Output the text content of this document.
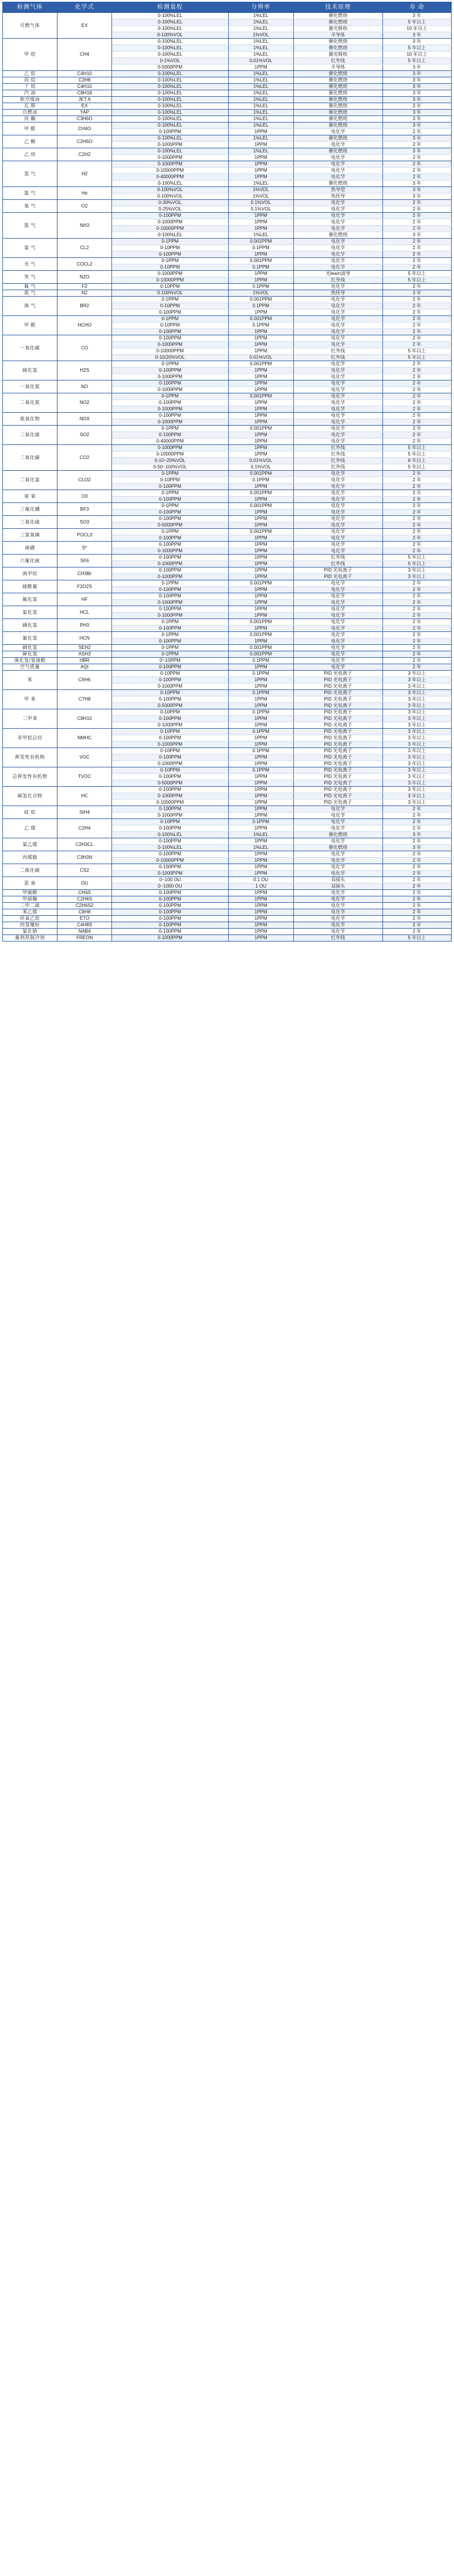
检测气体	化学式	检测量程	分辨率	技术原理	寿 命
可燃气体	EX	0-100%LEL	1%LEL	催化燃烧	3 年
		0-100%LEL	1%LEL	催化燃烧	5 年以上
		0-100%LEL	1%LEL	激光吸收	10 年以上
		0-100%VOL	1%VOL	半导体	3 年
甲 烷	CH4	0-100%LEL	1%LEL	催化燃烧	3 年
		0-100%LEL	1%LEL	催化燃烧	5 年以上
		0-100%LEL	1%LEL	激光吸收	10 年以上
		0-1%VOL	0.01%VOL	红外线	5 年以上
		0-5000PPM	1PPM	半导体	3 年
乙 烷	C4H10	0-100%LEL	1%LEL	催化燃烧	3 年
丙 烷	C3H8	0-100%LEL	1%LEL	催化燃烧	3 年
丁 烷	C4H10	0-100%LEL	1%LEL	催化燃烧	3 年
汽 油	C8H18	0-100%LEL	1%LEL	催化燃烧	3 年
航空煤油	JET A	0-100%LEL	1%LEL	催化燃烧	3 年
瓦 斯	EX	0-100%LEL	1%LEL	催化燃烧	3 年
自燃油	YAP	0-100%LEL	1%LEL	催化燃烧	3 年
丙 酮	C3H6O	0-100%LEL	1%LEL	催化燃烧	3 年
甲 醛	CH4O	0-100%LEL	1%LEL	催化燃烧	3 年
		0-100PPM	1PPM	电化学	2 年
乙 醇	C2H6O	0-100%LEL	1%LEL	催化燃烧	3 年
		0-1000PPM	1PPM	电化学	2 年
乙 炔	C2H2	0-100%LEL	1%LEL	催化燃烧	3 年
		0-1000PPM	1PPM	电化学	2 年
氢 气	H2	0-1000PPM	1PPM	电化学	2 年
		0-10000PPM	1PPM	电化学	2 年
		0-40000PPM	1PPM	电化学	2 年
		0-100%LEL	1%LEL	催化燃烧	3 年
氦 气	He	0-100%VOL	1%VOL	热导型	3 年
		0-100%VOL	1%VOL	热传导	3 年
氧 气	O2	0-30%VOL	0.1%VOL	电化学	2 年
		0-25%VOL	0.1%VOL	电化学	2 年
氨 气	NH3	0-100PPM	1PPM	电化学	2 年
		0-1000PPM	1PPM	电化学	2 年
		0-10000PPM	1PPM	电化学	2 年
		0-100%LEL	1%LEL	催化燃烧	3 年
氯 气	CL2	0-1PPM	0.001PPM	电化学	2 年
		0-10PPM	0.1PPM	电化学	2 年
		0-100PPM	1PPM	电化学	2 年
光 气	COCL2	0-1PPM	0.001PPM	电化学	2 年
		0-10PPM	0.1PPM	电化学	2 年
笑 气	N2O	0-1000PPM	1PPM	光learn波导	5 年以上
		0-10000PPM	1PPM	红外线	5 年以上
氟 气	F2	0-10PPM	0.1PPM	电化学	2 年
氮 气	N2	0-100%VOL	1%VOL	热传导	3 年
溴 气	BR2	0-1PPM	0.001PPM	电化学	2 年
		0-10PPM	0.1PPM	电化学	2 年
		0-100PPM	1PPM	电化学	2 年
甲 醛	HCHO	0-1PPM	0.001PPM	电化学	2 年
		0-10PPM	0.1PPM	电化学	2 年
		0-100PPM	1PPM	电化学	2 年
一氧化碳	CO	0-100PPM	1PPM	电化学	2 年
		0-1000PPM	1PPM	电化学	2 年
		0-10000PPM	1PPM	红外线	5 年以上
		0-10/20%VOL	0.01%VOL	红外线	5 年以上
硫化氢	H2S	0-1PPM	0.001PPM	电化学	2 年
		0-100PPM	1PPM	电化学	2 年
		0-1000PPM	1PPM	电化学	2 年
一氧化氮	NO	0-100PPM	1PPM	电化学	2 年
		0-1000PPM	1PPM	电化学	2 年
二氧化氮	NO2	0-1PPM	0.001PPM	电化学	2 年
		0-100PPM	1PPM	电化学	2 年
		0-1000PPM	1PPM	电化学	2 年
氮氧化物	NOX	0-100PPM	1PPM	电化学	2 年
		0-1000PPM	1PPM	电化学	2 年
二氧化硫	SO2	0-1PPM	0.001PPM	电化学	2 年
		0-100PPM	1PPM	电化学	2 年
		0-40000PPM	1PPM	电化学	2 年
二氧化碳	CO2	0-1000PPM	1PPM	红外线	5 年以上
		0-10000PPM	1PPM	红外线	5 年以上
		0-10~20%VOL	0.01%VOL	红外线	6 年以上
		0-50~100%VOL	0.1%VOL	红外线	5 年以上
二氧化氯	CLO2	0-1PPM	0.001PPM	电化学	2 年
		0-10PPM	0.1PPM	电化学	2 年
		0-100PPM	1PPM	电化学	2 年
臭 氧	O3	0-1PPM	0.001PPM	电化学	2 年
		0-100PPM	1PPM	电化学	2 年
三氟化硼	BF3	0-1PPM	0.001PPM	电化学	2 年
		0-100PPM	1PPM	电化学	2 年
三氧化硫	SO3	0-100PPM	1PPM	电化学	2 年
		0-5000PPM	1PPM	电化学	2 年
三氯氧磷	POCL3	0-1PPM	0.001PPM	电化学	2 年
		0-100PPM	1PPM	电化学	2 年
硫磺	S*	0-100PPM	1PPM	电化学	2 年
		0-1000PPM	1PPM	电化学	2 年
六氟化硫	SF6	0-100PPM	1PPM	红外线	5 年以上
		0-1000PPM	1PPM	红外线	5 年以上
溴甲烷	CH3Br	0-100PPM	1PPM	PID 光电离子	3 年以上
		0-1000PPM	1PPM	PID 光电离子	3 年以上
硫酰氟	F2O2S	0-1PPM	0.001PPM	电化学	2 年
		0-100PPM	1PPM	电化学	2 年
氟化氢	HF	0-100PPM	1PPM	电化学	2 年
		0-1000PPM	1PPM	电化学	2 年
氯化氢	HCL	0-100PPM	1PPM	电化学	2 年
		0-1000PPM	1PPM	电化学	2 年
磷化氢	PH3	0-1PPM	0.001PPM	电化学	2 年
		0-100PPM	1PPM	电化学	2 年
氰化氢	HCN	0-1PPM	0.001PPM	电化学	2 年
		0-100PPM	1PPM	电化学	2 年
硒化氢	SEH2	0-1PPM	0.001PPM	电化学	2 年
砷化氢	ASH3	0-1PPM	0.001PPM	电化学	2 年
溴化氢/氢溴酸	HBR	0~10PPM	0.1PPM	电化学	2 年
空气质量	AQI	0-100PPM	1PPM	电化学	2 年
苯	C6H6	0-10PPM	0.1PPM	PID 光电离子	3 年以上
		0-100PPM	1PPM	PID 光电离子	3 年以上
		0-1000PPM	1PPM	PID 光电离子	3 年以上
甲 苯	C7H8	0-10PPM	0.1PPM	PID 光电离子	3 年以上
		0-100PPM	1PPM	PID 光电离子	3 年以上
		0-5000PPM	1PPM	PID 光电离子	3 年以上
二甲苯	C8H10	0-10PPM	0.1PPM	PID 光电离子	3 年以上
		0-100PPM	1PPM	PID 光电离子	3 年以上
		0-1000PPM	1PPM	PID 光电离子	3 年以上
非甲烷总烃	NMHC	0-10PPM	0.1PPM	PID 光电离子	3 年以上
		0-100PPM	1PPM	PID 光电离子	3 年以上
		0-1000PPM	1PPM	PID 光电离子	3 年以上
挥发性有机物	VOC	0-10PPM	0.1PPM	PID 光电离子	3 年以上
		0-100PPM	1PPM	PID 光电离子	3 年以上
		0-1000PPM	1PPM	PID 光电离子	3 年以上
总挥发性有机物	TVOC	0-10PPM	0.1PPM	PID 光电离子	3 年以上
		0-100PPM	1PPM	PID 光电离子	3 年以上
		0-5000PPM	1PPM	PID 光电离子	3 年以上
碳氢化合物	HC	0-100PPM	1PPM	PID 光电离子	3 年以上
		0-1000PPM	1PPM	PID 光电离子	3 年以上
		0-10000PPM	1PPM	PID 光电离子	3 年以上
硅 烷	SIH4	0-100PPM	1PPM	电化学	2 年
		0-1000PPM	1PPM	电化学	2 年
乙 烯	C2H4	0-10PPM	0.1PPM	电化学	2 年
		0-100PPM	1PPM	电化学	2 年
		0-100%LEL	1%LEL	催化燃烧	3 年
氯乙烯	C2H3CL	0-100PPM	1PPM	电化学	2 年
		0-100%LEL	1%LEL	催化燃烧	3 年
丙烯腈	C3H3N	0-100PPM	1PPM	电化学	2 年
		0-10000PPM	1PPM	电化学	2 年
二硫化碳	CS2	0-100PPM	1PPM	电化学	2 年
		0-1000PPM	1PPM	电化学	2 年
恶 臭	OU	0~100 OU	0.1 OU	双探头	2 年
		0~1000 OU	1 OU	双探头	2 年
甲硫醇	CH4S	0-100PPM	1PPM	电化学	2 年
甲硫醚	C2H6S	0-100PPM	1PPM	电化学	2 年
二甲二硫	C2H6S2	0-100PPM	1PPM	电化学	2 年
苯乙烯	C8H8	0-100PPM	1PPM	电化学	2 年
环氧乙烷	ETO	0-100PPM	1PPM	电化学	2 年
四氢噻吩	C4H8S	0-100PPM	1PPM	电化学	2 年
氯化钠	NAB4	0-100PPM	1PPM	电化学	2 年
氟利昂制冷剂	FREON	0-1000PPM	1PPM	红外线	5 年以上
